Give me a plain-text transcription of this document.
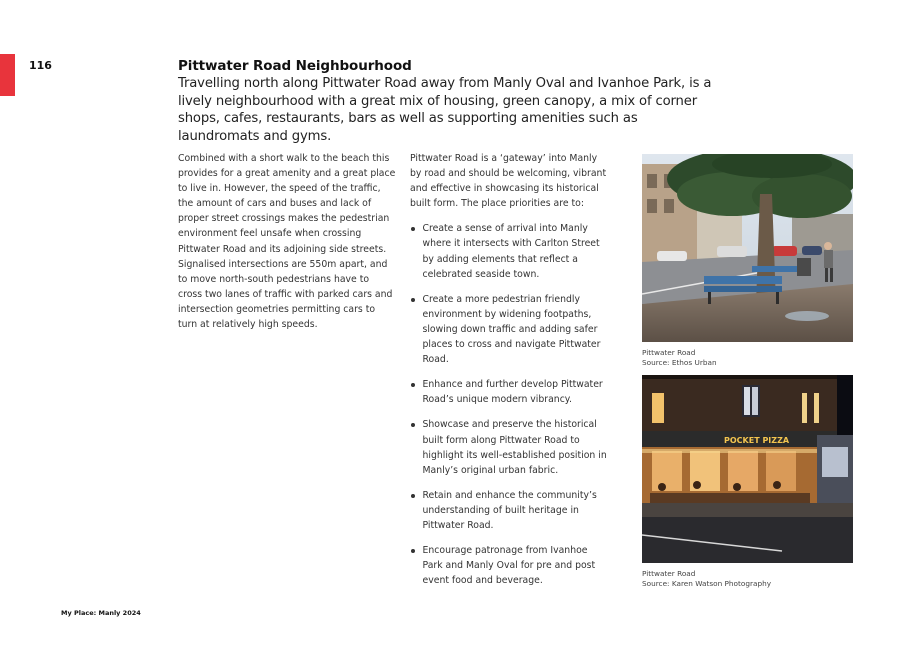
116	Pittwater Road Neighbourhood
Travelling north along Pittwater Road away from Manly Oval and Ivanhoe Park, is a lively neighbourhood with a great mix of housing, green canopy, a mix of corner shops, cafes, restaurants, bars as well as supporting amenities such as laundromats and gyms.
Combined with a short walk to the beach this provides for a great amenity and a great place to live in. However, the speed of the traffic, the amount of cars and buses and lack of proper street crossings makes the pedestrian environment feel unsafe when crossing Pittwater Road and its adjoining side streets. Signalised intersections are 550m apart, and to move north-south pedestrians have to cross two lanes of traffic with parked cars and intersection geometries permitting cars to turn at relatively high speeds.

Pittwater Road is a ‘gateway’ into Manly by road and should be welcoming, vibrant and effective in showcasing its historical built form. The place priorities are to:

Create a sense of arrival into Manly where it intersects with Carlton Street by adding elements that reflect a celebrated seaside town.
Create a more pedestrian friendly environment by widening footpaths, slowing down traffic and adding safer places to cross and navigate Pittwater Road.
Enhance and further develop Pittwater Road’s unique modern vibrancy.
Showcase and preserve the historical built form along Pittwater Road to highlight its well-established position in Manly’s original urban fabric.
Retain and enhance the community’s understanding of built heritage in Pittwater Road.
Encourage patronage from Ivanhoe Park and Manly Oval for pre and post event food and beverage.
Pittwater Road
Source: Ethos Urban
POCKET PIZZA
Pittwater Road
Source: Karen Watson Photography
My Place: Manly 2024
